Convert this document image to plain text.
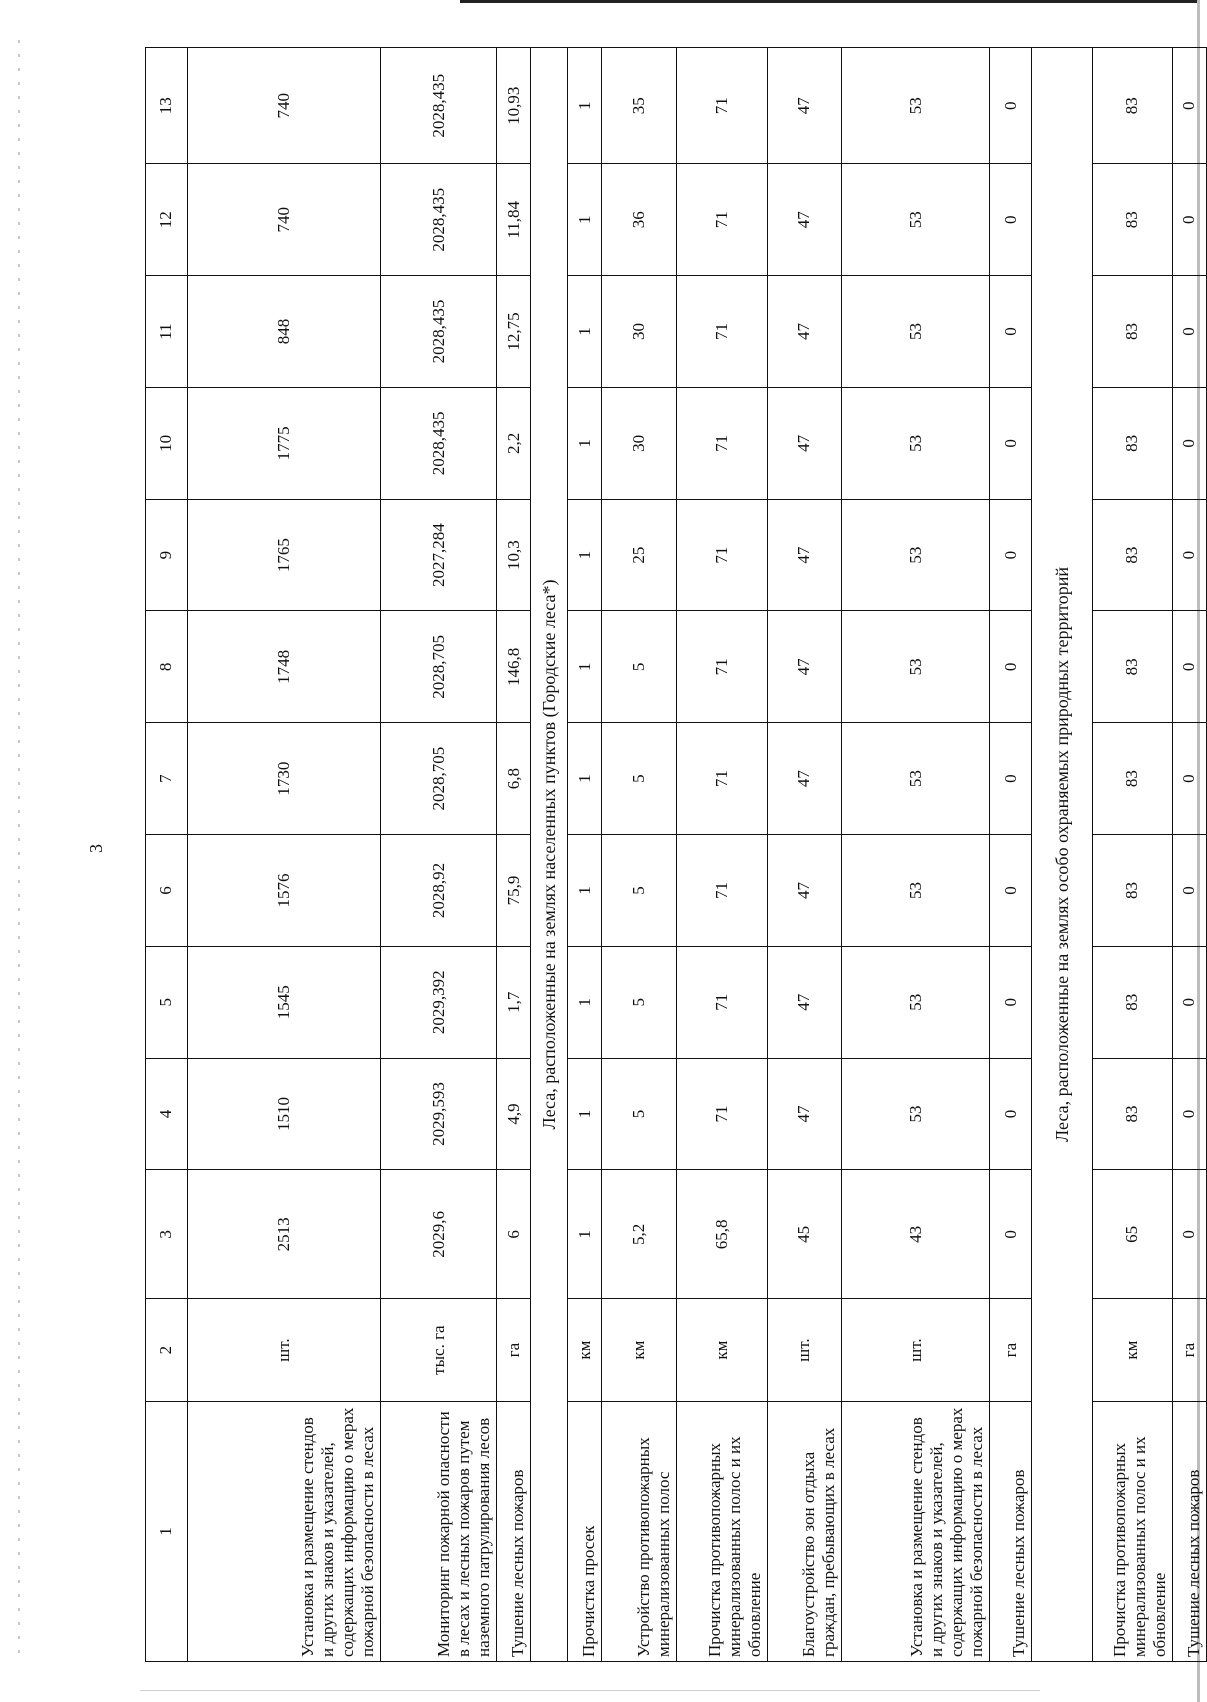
3
1	2	3	4	5	6	7	8	9	10	11	12	13
Установка и размещение стендов и других знаков и указателей, содержащих информацию о мерах пожарной безопасности в лесах	шт.	2513	1510	1545	1576	1730	1748	1765	1775	848	740	740
Мониторинг пожарной опасности в лесах и лесных пожаров путем наземного патрулирования лесов	тыс. га	2029,6	2029,593	2029,392	2028,92	2028,705	2028,705	2027,284	2028,435	2028,435	2028,435	2028,435
Тушение лесных пожаров	га	6	4,9	1,7	75,9	6,8	146,8	10,3	2,2	12,75	11,84	10,93
Леса, расположенные на землях населенных пунктов (Городские леса*)												
Прочистка просек	км	1	1	1	1	1	1	1	1	1	1	1
Устройство противопожарных минерализованных полос	км	5,2	5	5	5	5	5	25	30	30	36	35
Прочистка противопожарных минерализованных полос и их обновление	км	65,8	71	71	71	71	71	71	71	71	71	71
Благоустройство зон отдыха граждан, пребывающих в лесах	шт.	45	47	47	47	47	47	47	47	47	47	47
Установка и размещение стендов и других знаков и указателей, содержащих информацию о мерах пожарной безопасности в лесах	шт.	43	53	53	53	53	53	53	53	53	53	53
Тушение лесных пожаров	га	0	0	0	0	0	0	0	0	0	0	0
Леса, расположенные на землях особо охраняемых природных территорий												
Прочистка противопожарных минерализованных полос и их обновление	км	65	83	83	83	83	83	83	83	83	83	83
Тушение лесных пожаров	га	0	0	0	0	0	0	0	0	0	0	0
